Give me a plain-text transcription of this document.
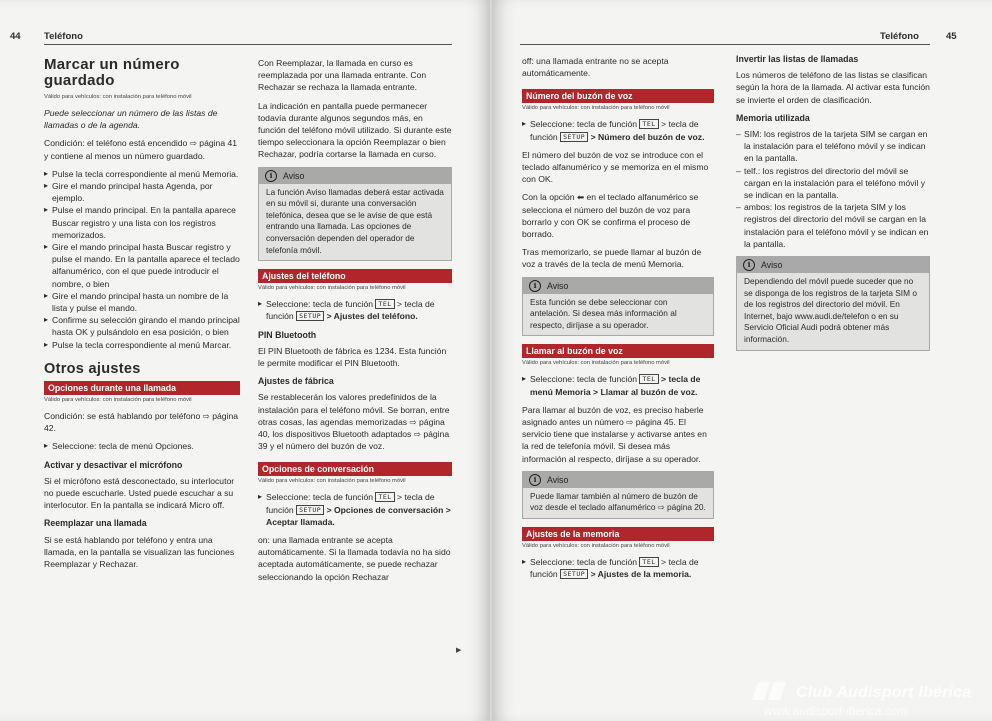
44 Teléfono
Marcar un número guardado
Válido para vehículos: con instalación para teléfono móvil

Puede seleccionar un número de las listas de llamadas o de la agenda.

Condición: el teléfono está encendido ⇨ página 41 y contiene al menos un número guardado.

▸ Pulse la tecla correspondiente al menú Memoria.
▸ Gire el mando principal hasta Agenda, por ejemplo.
▸ Pulse el mando principal. En la pantalla aparece Buscar registro y una lista con los registros memorizados.
▸ Gire el mando principal hasta Buscar registro y pulse el mando. En la pantalla aparece el teclado alfanumérico, con el que puede introducir el nombre, o bien
▸ Gire el mando principal hasta un nombre de la lista y pulse el mando.
▸ Confirme su selección girando el mando principal hasta OK y pulsándolo en esa posición, o bien
▸ Pulse la tecla correspondiente al menú Marcar.
Otros ajustes
Opciones durante una llamada
Válido para vehículos: con instalación para teléfono móvil

Condición: se está hablando por teléfono ⇨ página 42.

▸ Seleccione: tecla de menú Opciones.
Activar y desactivar el micrófono

Si el micrófono está desconectado, su interlocutor no puede escucharle. Usted puede escuchar a su interlocutor. En la pantalla se indicará Micro off.

Reemplazar una llamada

Si se está hablando por teléfono y entra una llamada, en la pantalla se visualizan las funciones Reemplazar y Rechazar.

Con Reemplazar, la llamada en curso es reemplazada por una llamada entrante. Con Rechazar se rechaza la llamada entrante.

La indicación en pantalla puede permanecer todavía durante algunos segundos más, en función del teléfono móvil utilizado. Si durante este tiempo seleccionara la opción Reemplazar o bien Rechazar, podría cortarse la llamada en curso.

i	Aviso
La función Aviso llamadas deberá estar activada en su móvil si, durante una conversación telefónica, desea que se le avise de que está entrando una llamada. Las opciones de conversación dependen del operador de telefonía móvil.
Ajustes del teléfono
Válido para vehículos: con instalación para teléfono móvil
▸ Seleccione: tecla de función TEL > tecla de función SETUP > Ajustes del teléfono.
PIN Bluetooth

El PIN Bluetooth de fábrica es 1234. Esta función le permite modificar el PIN Bluetooth.

Ajustes de fábrica

Se restablecerán los valores predefinidos de la instalación para el teléfono móvil. Se borran, entre otras cosas, las agendas memorizadas ⇨ página 40, los dispositivos Bluetooth adaptados ⇨ página 39 y el número del buzón de voz.

Opciones de conversación
Válido para vehículos: con instalación para teléfono móvil
▸ Seleccione: tecla de función TEL > tecla de función SETUP > Opciones de conversación > Aceptar llamada.

on: una llamada entrante se acepta automáticamente. Si la llamada todavía no ha sido aceptada automáticamente, se puede rechazar seleccionando la opción Rechazar

▶
Teléfono	45

off: una llamada entrante no se acepta automáticamente.

Número del buzón de voz
Válido para vehículos: con instalación para teléfono móvil
▸ Seleccione: tecla de función TEL > tecla de función SETUP > Número del buzón de voz.

El número del buzón de voz se introduce con el teclado alfanumérico y se memoriza en el mismo con OK.

Con la opción ⬅ en el teclado alfanumérico se selecciona el número del buzón de voz para borrarlo y con OK se confirma el proceso de borrado.

Tras memorizarlo, se puede llamar al buzón de voz a través de la tecla de menú Memoria.

i	Aviso
Esta función se debe seleccionar con antelación. Si desea más información al respecto, diríjase a su operador.
Llamar al buzón de voz
Válido para vehículos: con instalación para teléfono móvil
▸ Seleccione: tecla de función TEL > tecla de menú Memoria > Llamar al buzón de voz.

Para llamar al buzón de voz, es preciso haberle asignado antes un número ⇨ página 45. El servicio tiene que instalarse y activarse antes en la red de telefonía móvil. Si desea más información al respecto, diríjase a su operador.

i	Aviso
Puede llamar también al número de buzón de voz desde el teclado alfanumérico ⇨ página 20.
Ajustes de la memoria
Válido para vehículos: con instalación para teléfono móvil
▸ Seleccione: tecla de función TEL > tecla de función SETUP > Ajustes de la memoria.
Invertir las listas de llamadas

Los números de teléfono de las listas se clasifican según la hora de la llamada. Al activar esta función se invierte el orden de clasificación.

Memoria utilizada
– SIM: los registros de la tarjeta SIM se cargan en la instalación para el teléfono móvil y se indican en la pantalla.
– telf.: los registros del directorio del móvil se cargan en la instalación para el teléfono móvil y se indican en la pantalla.
– ambos: los registros de la tarjeta SIM y los registros del directorio del móvil se cargan en la instalación para el teléfono móvil y se indican en la pantalla.
i	Aviso
Dependiendo del móvil puede suceder que no se disponga de los registros de la tarjeta SIM o de los registros del directorio del móvil. En Internet, bajo www.audi.de/telefon o en su Servicio Oficial Audi podrá obtener más información.
Club Audisport Ibérica
www.audisport-iberica.com
